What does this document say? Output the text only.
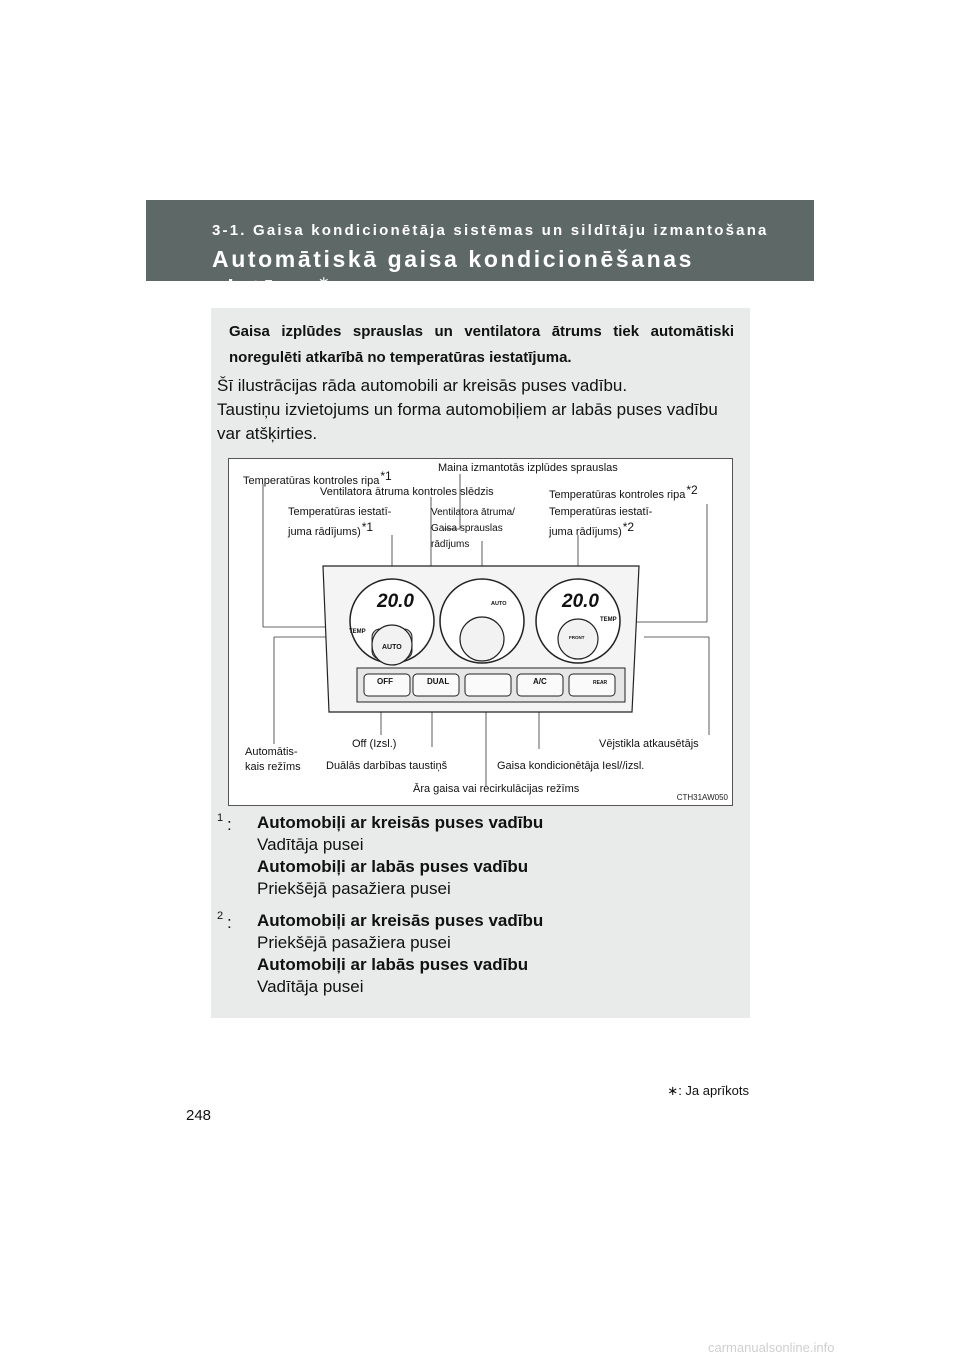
3-1. Gaisa kondicionētāja sistēmas un sildītāju izmantošana
Automātiskā gaisa kondicionēšanas sistēma ∗

Gaisa izplūdes sprauslas un ventilatora ātrums tiek automātiski noregulēti atkarībā no temperatūras iestatījuma.

Šī ilustrācijas rāda automobili ar kreisās puses vadību.

Taustiņu izvietojums un forma automobiļiem ar labās puses vadību var atšķirties.

20.0
TEMP
AUTO
AUTO	20.0
TEMP
FRONT
OFF	DUAL	A/C	REAR
Temperatūras kontroles ripa$^{*1}$
Maina izmantotās izplūdes sprauslas
Ventilatora ātruma kontroles slēdzis	Temperatūras kontroles ripa$^{*2}$
Temperatūras iestatī-
juma rādījums)$^{*1}$
Ventilatora ātruma/
Gaisa sprauslas
rādījums
Temperatūras iestatī-
juma rādījums)$^{*2}$
Automātis-
kais režīms
Off (Izsl.)
Duālās darbības taustiņš	Gaisa kondicionētāja Iesl//izsl.
Vējstikla atkausētājs
Āra gaisa vai recirkulācijas režīms
CTH31AW050
1 : Automobiļi ar kreisās puses vadību
Vadītāja pusei
Automobiļi ar labās puses vadību
Priekšējā pasažiera pusei
2 : Automobiļi ar kreisās puses vadību
Priekšējā pasažiera pusei
Automobiļi ar labās puses vadību
Vadītāja pusei
∗: Ja aprīkots
248
carmanualsonline.info
